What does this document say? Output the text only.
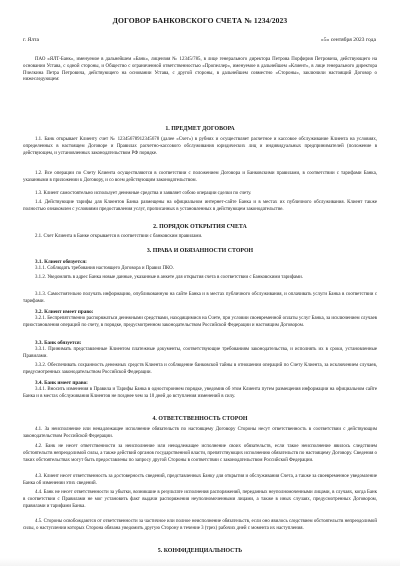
ДОГОВОР БАНКОВСКОГО СЧЕТА № 1234/2023
г. Ялта	«5» сентября 2023 года

ПАО «ЯЛТ-Банк», именуемое в дальнейшем «Банк», лицензия № 12345/785, в лице генерального директора Петрова Порфирия Петровича, действующего на основании Устава, с одной стороны, и Общество с ограниченной ответственностью «Пропеллер», именуемое в дальнейшем «Клиент», в лице генерального директора Пчелкина Петра Петровича, действующего на основании Устава, с другой стороны, в дальнейшем совместно «Стороны», заключили настоящий Договор о нижеследующем:

1. ПРЕДМЕТ ДОГОВОРА

1.1. Банк открывает Клиенту счет № 12345678912345678 (далее «Счет») в рубнях и осуществляет расчетное и кассовое обслуживание Клиента на условиях, определенных в настоящем Договоре и Правилах расчетно-кассового обслуживания юридических лиц и индивидуальных предпринимателей (положение в действующем, и установленных законодательством РФ порядке.

1.2. Все операции по Счету Клиента осуществляются в соответствии с положением Договора и Банковскими правилами, в соответствии с тарифами Банка, указанными в приложении к Договору, и со всем действующим законодательством.

1.3. Клиент самостоятельно использует денежные средства и заявляет собою операции сделки по счету.

1.4. Действующие тарифы для Клиентов Банка размещены на официальном интернет-сайте Банка и в местах их публичного обслуживания. Клиент также полностью ознакомлен с условиями предоставления услуг, прописанных в установленных в действующем законодательстве.

2. ПОРЯДОК ОТКРЫТИЯ СЧЕТА

2.1. Счет Клиента в Банке открывается в соответствии с банковским правилами.

3. ПРАВА И ОБЯЗАННОСТИ СТОРОН

3.1. Клиент обязуется:

3.1.1. Соблюдать требования настоящего Договора и Правил ПКО.

3.1.2. Уведомлять в адрес Банка новые данные, указанные в анкете для открытия счета в соответствии с Банковскими тарифами.

3.1.3. Самостоятельно получать информацию, опубликованную на сайте Банка и в местах публичного обслуживания, и оплачивать услуги Банка в соответствии с тарифами.

3.2. Клиент имеет право:

3.2.1. Беспрепятственно распоряжаться денежными средствами, находящимися на Счете, при условии своевременной оплаты услуг Банка, за исключением случаев приостановления операций по счету, в порядке, предусмотренном законодательством Российской Федерации и настоящим Договором.

3.3. Банк обязуется:

3.3.1. Принимать представленные Клиентом платежные документы, соответствующие требованиям законодательства, и исполнять их в сроки, установленные Правилами.

3.3.2. Обеспечивать сохранность денежных средств Клиента и соблюдение банковской тайны в отношении операций по Счету Клиента, за исключением случаев, предусмотренных законодательством Российской Федерации.

3.4. Банк имеет право:

3.4.1. Вносить изменения в Правила и Тарифы Банка в одностороннем порядке, уведомив об этом Клиента путем размещения информации на официальном сайте Банка и в местах обслуживания Клиентов не позднее чем за 10 дней до вступления изменений в силу.

4. ОТВЕТСТВЕННОСТЬ СТОРОН

4.1. За неисполнение или ненадлежащее исполнение обязательств по настоящему Договору Стороны несут ответственность в соответствии с действующим законодательством Российской Федерации.

4.2. Банк не несет ответственности за неисполнение или ненадлежащее исполнение своих обязательств, если такое неисполнение явилось следствием обстоятельств непреодолимой силы, а также действий органов государственной власти, препятствующих исполнению обязательств по настоящему Договору. Сведения о таких обстоятельствах могут быть предоставлены по запросу другой Стороны в соответствии с законодательством Российской Федерации.

4.3. Клиент несет ответственность за достоверность сведений, представленных Банку для открытия и обслуживания Счета, а также за своевременное уведомление Банка об изменении этих сведений.

4.4. Банк не несет ответственности за убытки, возникшие в результате исполнения распоряжений, переданных неуполномоченными лицами, в случаях, когда Банк в соответствии с Правилами не мог установить факт выдачи распоряжения неуполномоченными лицами, а также в иных случаях, предусмотренных Договором, правилами и тарифами Банка.

4.5. Стороны освобождаются от ответственности за частичное или полное неисполнение обязательств, если оно явилось следствием обстоятельств непреодолимой силы, о наступлении которых Сторона обязана уведомить другую Сторону в течение 3 (трех) рабочих дней с момента их наступления.

5. КОНФИДЕНЦИАЛЬНОСТЬ
